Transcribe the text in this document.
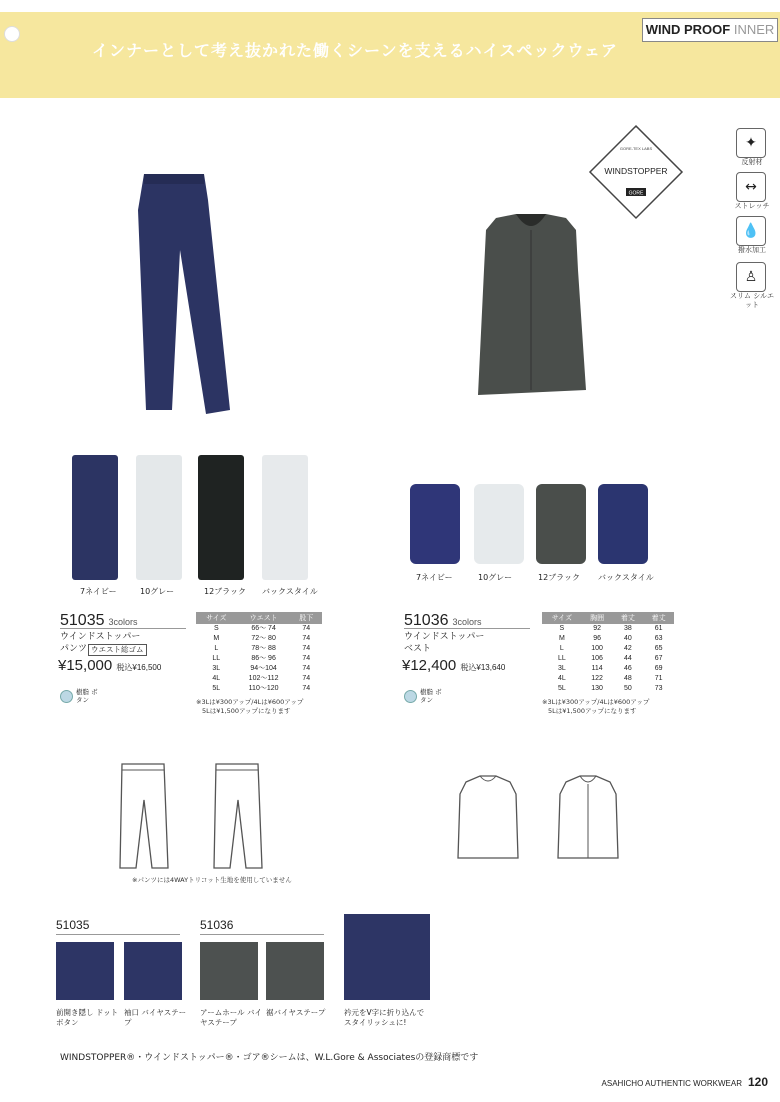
インナーとして考え抜かれた働くシーンを支えるハイスペックウェア
WIND PROOF INNER
GORE-TEX LABS
WINDSTOPPER
GORE
✦
反射材
↔
ストレッチ
💧
撥水加工
♙
スリム シルエット
7ネイビー	10グレー	12ブラック バックスタイル
7ネイビー	10グレー	12ブラック バックスタイル
51035 3colors
ウインドストッパー
パンツ ウエスト総ゴム
¥15,000 税込¥16,500
樹脂 ボタン
サイズ	ウエスト	股下
S	66～ 74	74
M	72～ 80	74
L	78～ 88	74
LL	86～ 96	74
3L	94～104	74
4L	102～112	74
5L	110～120	74
※3Lは¥300アップ/4Lは¥600アップ
5Lは¥1,500アップになります
51036 3colors
ウインドストッパー
ベスト
¥12,400 税込¥13,640
樹脂 ボタン
サイズ	胸囲	着丈	着丈
S	92	38	61
M	96	40	63
L	100	42	65
LL	106	44	67
3L	114	46	69
4L	122	48	71
5L	130	50	73
※3Lは¥300アップ/4Lは¥600アップ
5Lは¥1,500アップになります
※パンツには4WAYトリコット生地を使用していません
51035	51036
前開き隠し ドットボタン
袖口 バイヤステープ
アームホール バイヤステープ
裾バイヤステープ	衿元をV字に折り込んで スタイリッシュに!
WINDSTOPPER®・ウインドストッパー®・ゴア®シームは、W.L.Gore & Associatesの登録商標です
ASAHICHO AUTHENTIC WORKWEAR 120
